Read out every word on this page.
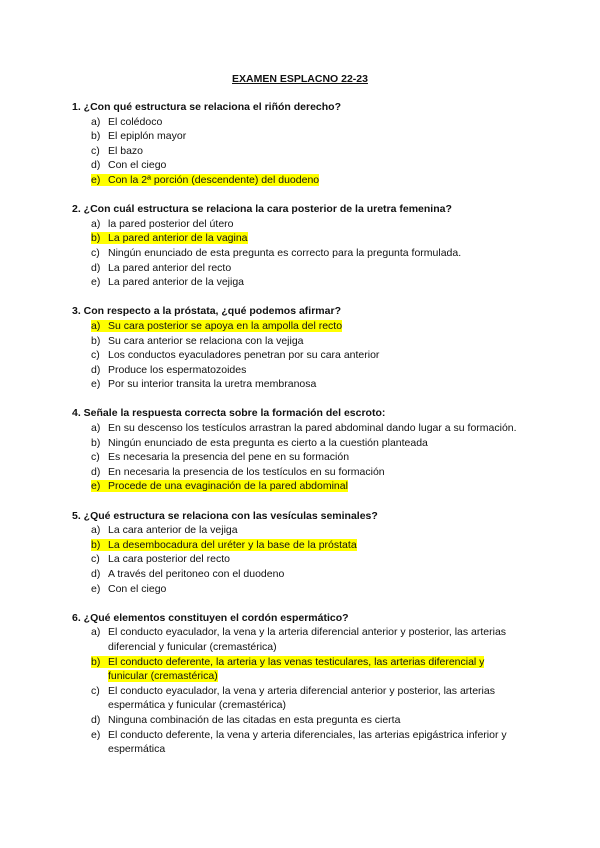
EXAMEN ESPLACNO 22-23
1. ¿Con qué estructura se relaciona el riñón derecho?
a) El colédoco
b) El epiplón mayor
c) El bazo
d) Con el ciego
e) Con la 2ª porción (descendente) del duodeno
2. ¿Con cuál estructura se relaciona la cara posterior de la uretra femenina?
a) la pared posterior del útero
b) La pared anterior de la vagina
c) Ningún enunciado de esta pregunta es correcto para la pregunta formulada.
d) La pared anterior del recto
e) La pared anterior de la vejiga
3. Con respecto a la próstata, ¿qué podemos afirmar?
a) Su cara posterior se apoya en la ampolla del recto
b) Su cara anterior se relaciona con la vejiga
c) Los conductos eyaculadores penetran por su cara anterior
d) Produce los espermatozoides
e) Por su interior transita la uretra membranosa
4. Señale la respuesta correcta sobre la formación del escroto:
a) En su descenso los testículos arrastran la pared abdominal dando lugar a su formación.
b) Ningún enunciado de esta pregunta es cierto a la cuestión planteada
c) Es necesaria la presencia del pene en su formación
d) En necesaria la presencia de los testículos en su formación
e) Procede de una evaginación de la pared abdominal
5. ¿Qué estructura se relaciona con las vesículas seminales?
a) La cara anterior de la vejiga
b) La desembocadura del uréter y la base de la próstata
c) La cara posterior del recto
d) A través del peritoneo con el duodeno
e) Con el ciego
6. ¿Qué elementos constituyen el cordón espermático?
a) El conducto eyaculador, la vena y la arteria diferencial anterior y posterior, las arterias diferencial y funicular (cremastérica)
b) El conducto deferente, la arteria y las venas testiculares, las arterias diferencial y funicular (cremastérica)
c) El conducto eyaculador, la vena y arteria diferencial anterior y posterior, las arterias espermática y funicular (cremastérica)
d) Ninguna combinación de las citadas en esta pregunta es cierta
e) El conducto deferente, la vena y arteria diferenciales, las arterias epigástrica inferior y espermática
